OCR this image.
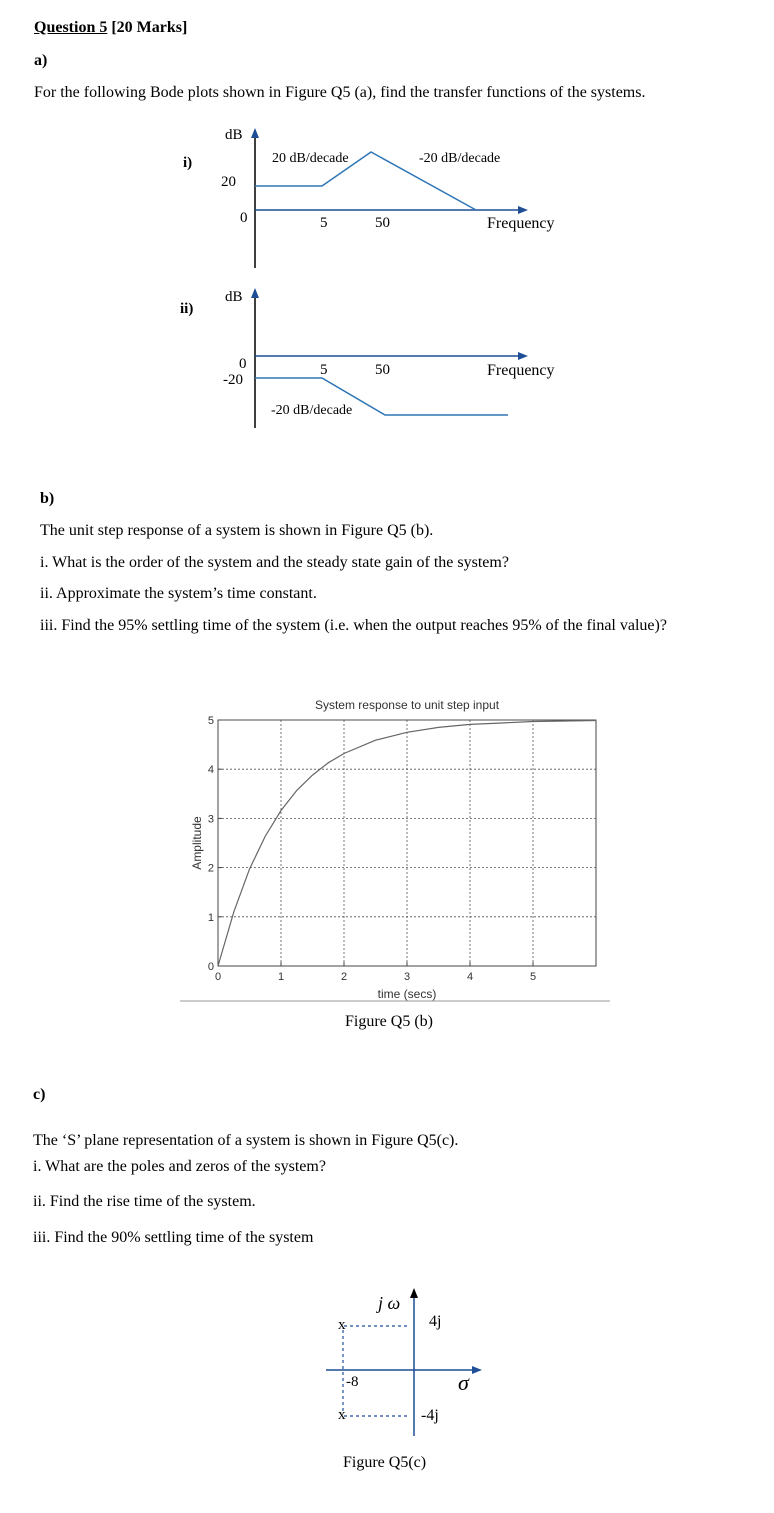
Question 5 [20 Marks]
a)
For the following Bode plots shown in Figure Q5 (a), find the transfer functions of the systems.
i)
dB
20
0
20 dB/decade	-20 dB/decade
5	50	Frequency
ii)
dB
0
-20
5	50	Frequency
-20 dB/decade
b)
The unit step response of a system is shown in Figure Q5 (b).
i. What is the order of the system and the steady state gain of the system?
ii. Approximate the system’s time constant.
iii. Find the 95% settling time of the system (i.e. when the output reaches 95% of the final value)?
0	1	2	3	4	5
0
1
2
3
4
5
System response to unit step input
time (secs)
Amplitude
Figure Q5 (b)
c)
The ‘S’ plane representation of a system is shown in Figure Q5(c).
i. What are the poles and zeros of the system?
ii. Find the rise time of the system.
iii. Find the 90% settling time of the system
x
x
j ω
σ
4j
-4j
-8
Figure Q5(c)
